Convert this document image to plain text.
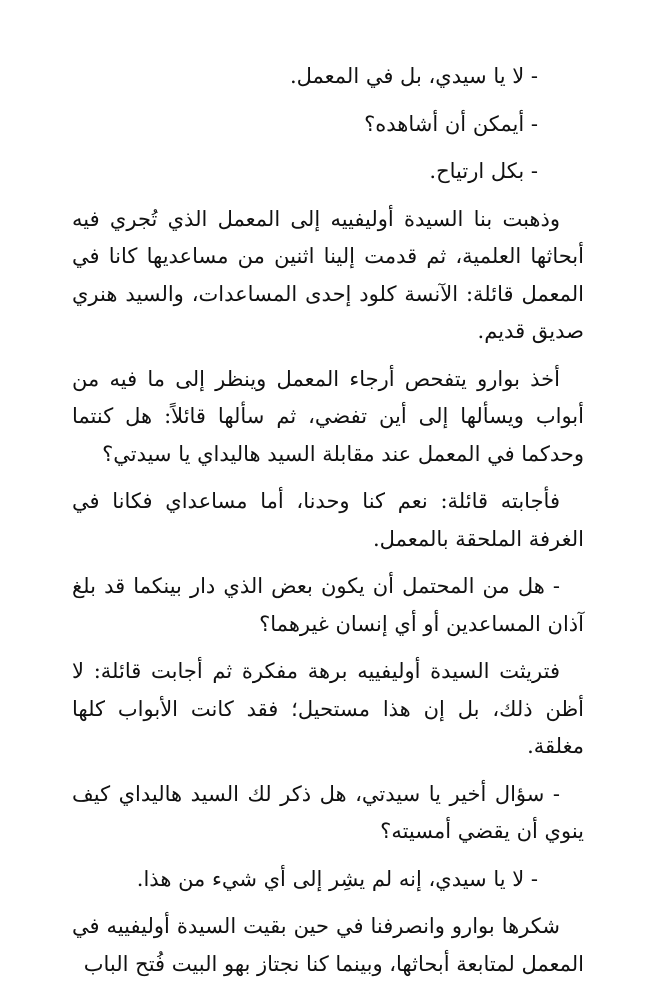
- لا يا سيدي، بل في المعمل.

- أيمكن أن أشاهده؟

- بكل ارتياح.

وذهبت بنا السيدة أوليفييه إلى المعمل الذي تُجري فيه أبحاثها العلمية، ثم قدمت إلينا اثنين من مساعديها كانا في المعمل قائلة: الآنسة كلود إحدى المساعدات، والسيد هنري صديق قديم.

أخذ بوارو يتفحص أرجاء المعمل وينظر إلى ما فيه من أبواب ويسألها إلى أين تفضي، ثم سألها قائلاً: هل كنتما وحدكما في المعمل عند مقابلة السيد هاليداي يا سيدتي؟

فأجابته قائلة: نعم كنا وحدنا، أما مساعداي فكانا في الغرفة الملحقة بالمعمل.

- هل من المحتمل أن يكون بعض الذي دار بينكما قد بلغ آذان المساعدين أو أي إنسان غيرهما؟

فتريثت السيدة أوليفييه برهة مفكرة ثم أجابت قائلة: لا أظن ذلك، بل إن هذا مستحيل؛ فقد كانت الأبواب كلها مغلقة.

- سؤال أخير يا سيدتي، هل ذكر لك السيد هاليداي كيف ينوي أن يقضي أمسيته؟

- لا يا سيدي، إنه لم يشِر إلى أي شيء من هذا.

شكرها بوارو وانصرفنا في حين بقيت السيدة أوليفييه في المعمل لمتابعة أبحاثها، وبينما كنا نجتاز بهو البيت فُتح الباب
